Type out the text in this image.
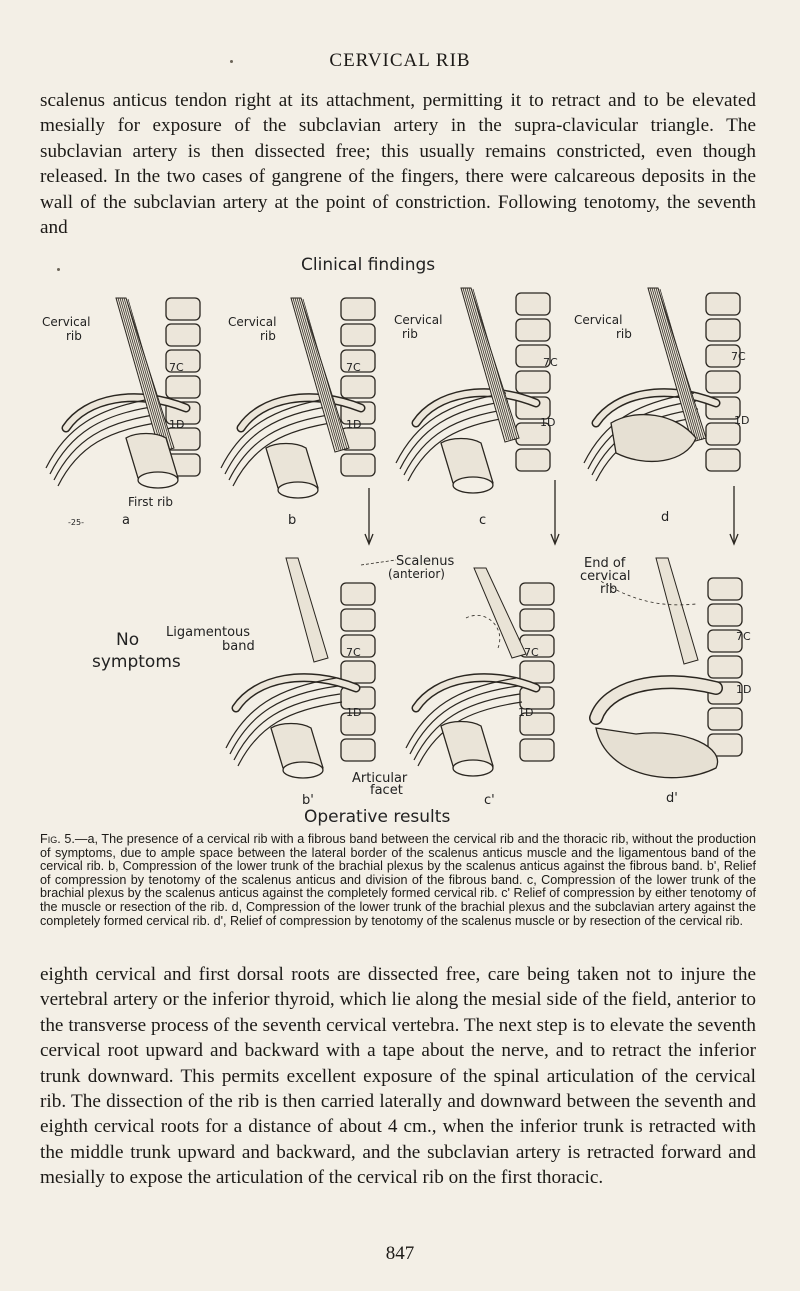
CERVICAL RIB
scalenus anticus tendon right at its attachment, permitting it to retract and to be elevated mesially for exposure of the subclavian artery in the supra-clavicular triangle. The subclavian artery is then dissected free; this usually remains constricted, even though released. In the two cases of gangrene of the fingers, there were calcareous deposits in the wall of the subclavian artery at the point of constriction. Following tenotomy, the seventh and
Clinical findings
Cervical
rib
7C
1D
First rib
-25-	a
Cervical
rib
7C
1D
b
Cervical
rib
7C
1D
c
Cervical
rib
7C
1D
d
No
symptoms
Ligamentous
band	7C
1D
b'
7C
1D
Articular
facet
c'
End of
cervical
rib
7C
1D
d'
Scalenus
(anterior)
Operative results
Fig. 5.—a, The presence of a cervical rib with a fibrous band between the cervical rib and the thoracic rib, without the production of symptoms, due to ample space between the lateral border of the scalenus anticus muscle and the ligamentous band of the cervical rib. b, Compression of the lower trunk of the brachial plexus by the scalenus anticus against the fibrous band. b', Relief of compression by tenotomy of the scalenus anticus and division of the fibrous band. c, Compression of the lower trunk of the brachial plexus by the scalenus anticus against the completely formed cervical rib. c' Relief of compression by either tenotomy of the muscle or resection of the rib. d, Compression of the lower trunk of the brachial plexus and the subclavian artery against the completely formed cervical rib. d', Relief of compression by tenotomy of the scalenus muscle or by resection of the cervical rib.
eighth cervical and first dorsal roots are dissected free, care being taken not to injure the vertebral artery or the inferior thyroid, which lie along the mesial side of the field, anterior to the transverse process of the seventh cervical vertebra. The next step is to elevate the seventh cervical root upward and backward with a tape about the nerve, and to retract the inferior trunk downward. This permits excellent exposure of the spinal articulation of the cervical rib. The dissection of the rib is then carried laterally and downward between the seventh and eighth cervical roots for a distance of about 4 cm., when the inferior trunk is retracted with the middle trunk upward and backward, and the subclavian artery is retracted forward and mesially to expose the articulation of the cervical rib on the first thoracic.
847
